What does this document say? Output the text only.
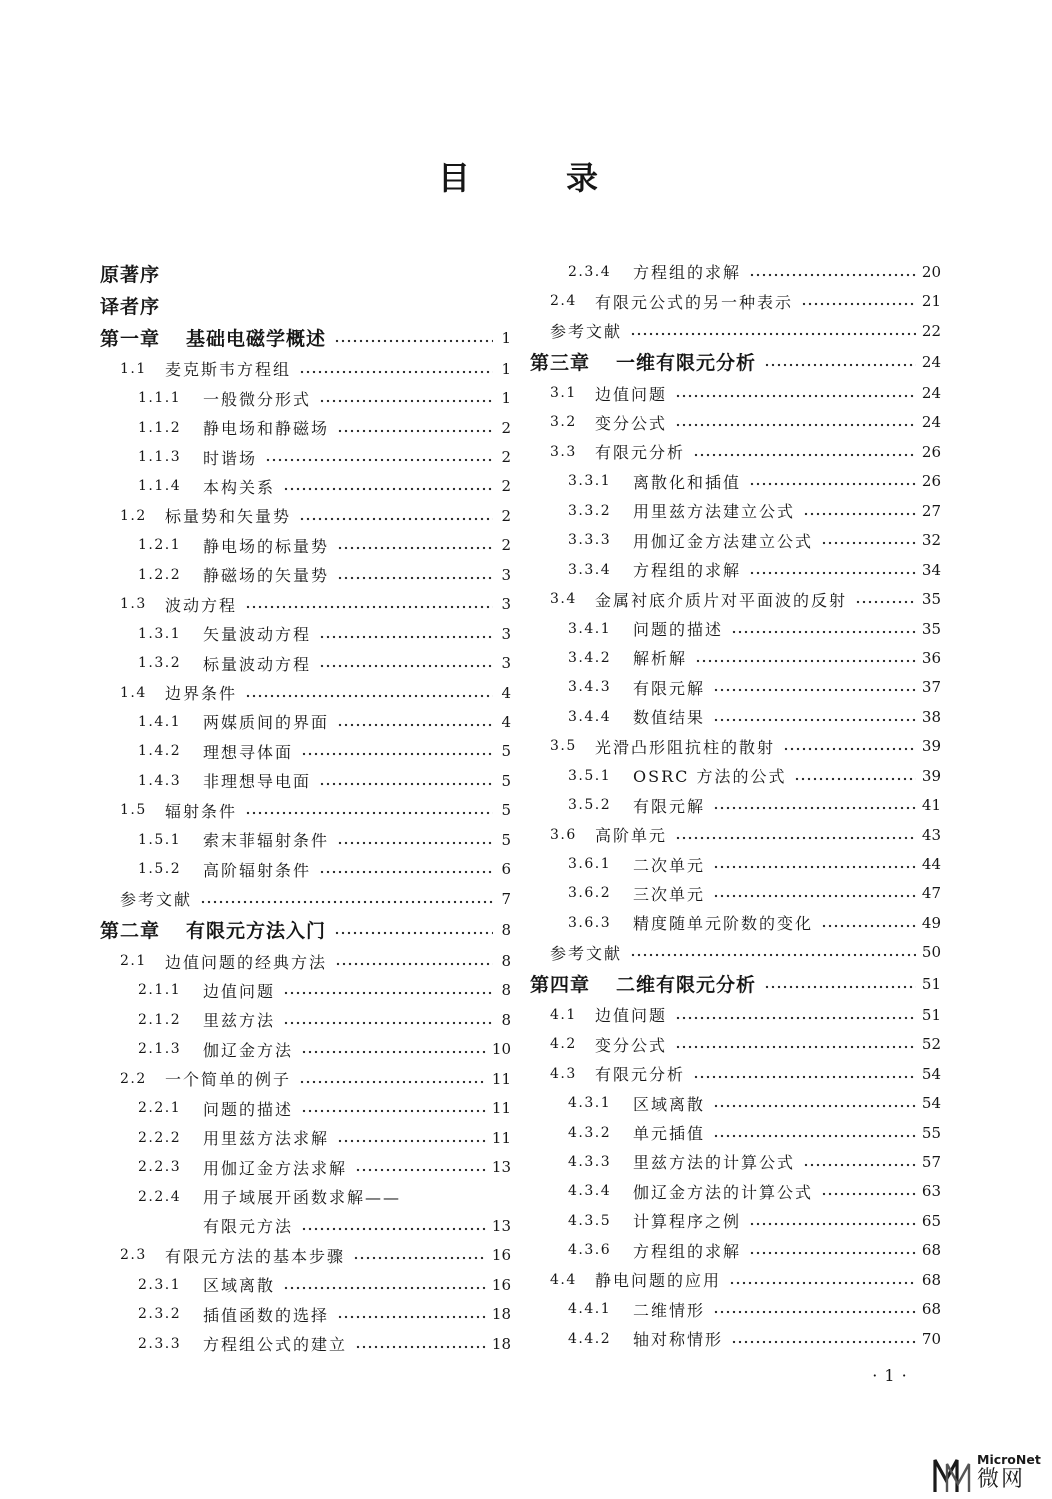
目录
原著序
译者序
第一章	基础电磁学概述	1
1.1	麦克斯韦方程组	1
1.1.1	一般微分形式	1
1.1.2	静电场和静磁场	2
1.1.3	时谐场	2
1.1.4	本构关系	2
1.2	标量势和矢量势	2
1.2.1	静电场的标量势	2
1.2.2	静磁场的矢量势	3
1.3	波动方程	3
1.3.1	矢量波动方程	3
1.3.2	标量波动方程	3
1.4	边界条件	4
1.4.1	两媒质间的界面	4
1.4.2	理想寻体面	5
1.4.3	非理想导电面	5
1.5	辐射条件	5
1.5.1	索末菲辐射条件	5
1.5.2	高阶辐射条件	6
参考文献	7
第二章	有限元方法入门	8
2.1	边值问题的经典方法	8
2.1.1	边值问题	8
2.1.2	里兹方法	8
2.1.3	伽辽金方法	10
2.2	一个简单的例子	11
2.2.1	问题的描述	11
2.2.2	用里兹方法求解	11
2.2.3	用伽辽金方法求解	13
2.2.4	用子域展开函数求解——
有限元方法	13
2.3	有限元方法的基本步骤	16
2.3.1	区域离散	16
2.3.2	插值函数的选择	18
2.3.3	方程组公式的建立	18
2.3.4	方程组的求解	20
2.4	有限元公式的另一种表示	21
参考文献	22
第三章	一维有限元分析	24
3.1	边值问题	24
3.2	变分公式	24
3.3	有限元分析	26
3.3.1	离散化和插值	26
3.3.2	用里兹方法建立公式	27
3.3.3	用伽辽金方法建立公式	32
3.3.4	方程组的求解	34
3.4	金属衬底介质片对平面波的反射	35
3.4.1	问题的描述	35
3.4.2	解析解	36
3.4.3	有限元解	37
3.4.4	数值结果	38
3.5	光滑凸形阻抗柱的散射	39
3.5.1	OSRC 方法的公式	39
3.5.2	有限元解	41
3.6	高阶单元	43
3.6.1	二次单元	44
3.6.2	三次单元	47
3.6.3	精度随单元阶数的变化	49
参考文献	50
第四章	二维有限元分析	51
4.1	边值问题	51
4.2	变分公式	52
4.3	有限元分析	54
4.3.1	区域离散	54
4.3.2	单元插值	55
4.3.3	里兹方法的计算公式	57
4.3.4	伽辽金方法的计算公式	63
4.3.5	计算程序之例	65
4.3.6	方程组的求解	68
4.4	静电问题的应用	68
4.4.1	二维情形	68
4.4.2	轴对称情形	70
· 1 ·
MicroNet
微网
